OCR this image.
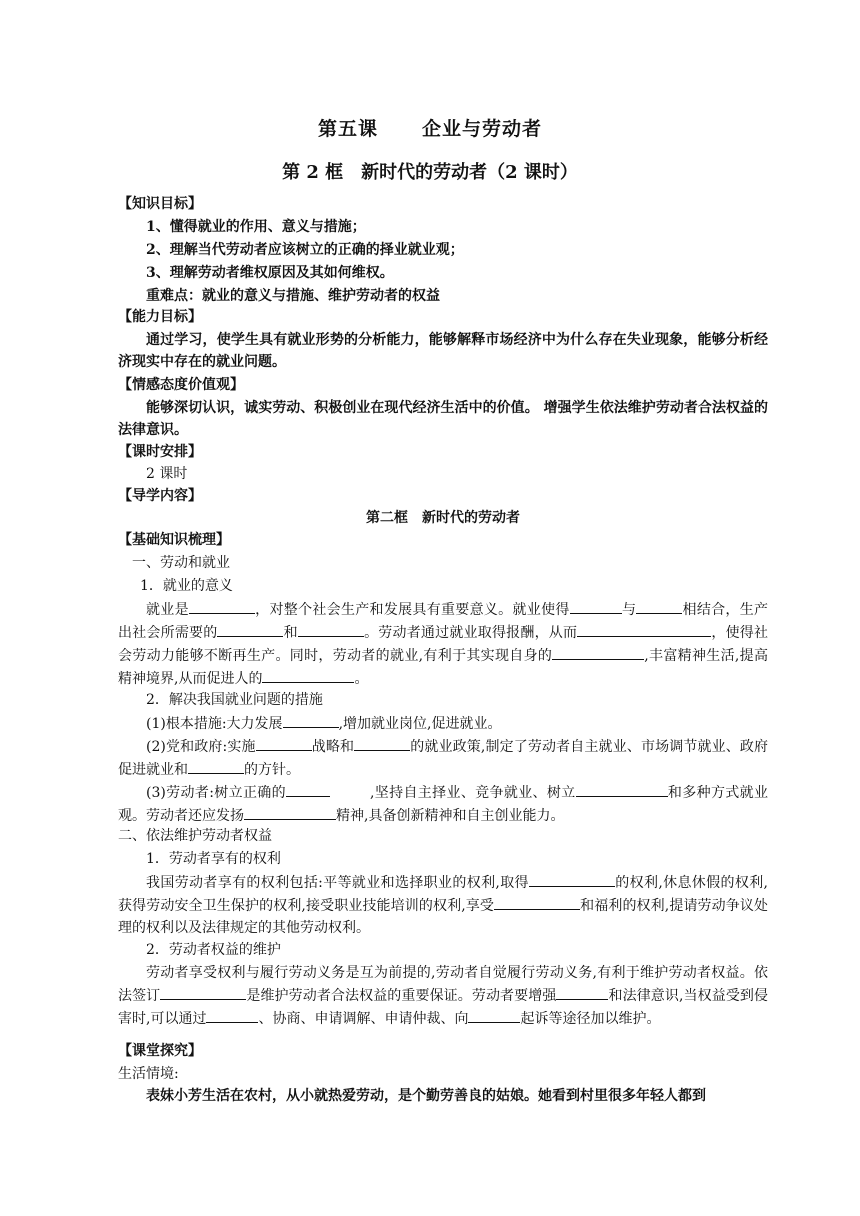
第五课 企业与劳动者
第 2 框　新时代的劳动者（2 课时）
【知识目标】
1、懂得就业的作用、意义与措施；
2、理解当代劳动者应该树立的正确的择业就业观；
3、理解劳动者维权原因及其如何维权。
重难点：就业的意义与措施、维护劳动者的权益
【能力目标】
通过学习，使学生具有就业形势的分析能力，能够解释市场经济中为什么存在失业现象，能够分析经济现实中存在的就业问题。
【情感态度价值观】
能够深切认识，诚实劳动、积极创业在现代经济生活中的价值。 增强学生依法维护劳动者合法权益的法律意识。
【课时安排】
2 课时
【导学内容】
第二框　新时代的劳动者
【基础知识梳理】
一、劳动和就业
1．就业的意义
就业是	，对整个社会生产和发展具有重要意义。就业使得	与	相结合，生产出社会所需要的	和	。劳动者通过就业取得报酬，从而	，使得社会劳动力能够不断再生产。同时，劳动者的就业,有利于其实现自身的	,丰富精神生活,提高精神境界,从而促进人的	。
2．解决我国就业问题的措施
(1)根本措施:大力发展	,增加就业岗位,促进就业。
(2)党和政府:实施	战略和	的就业政策,制定了劳动者自主就业、市场调节就业、政府促进就业和	的方针。
(3)劳动者:树立正确的	,坚持自主择业、竞争就业、树立	和多种方式就业观。劳动者还应发扬	精神,具备创新精神和自主创业能力。
二、依法维护劳动者权益
1．劳动者享有的权利
我国劳动者享有的权利包括:平等就业和选择职业的权利,取得	的权利,休息休假的权利,获得劳动安全卫生保护的权利,接受职业技能培训的权利,享受	和福利的权利,提请劳动争议处理的权利以及法律规定的其他劳动权利。
2．劳动者权益的维护
劳动者享受权利与履行劳动义务是互为前提的,劳动者自觉履行劳动义务,有利于维护劳动者权益。依法签订	是维护劳动者合法权益的重要保证。劳动者要增强	和法律意识,当权益受到侵害时,可以通过	、协商、申请调解、申请仲裁、向	起诉等途径加以维护。
【课堂探究】
生活情境:
表妹小芳生活在农村，从小就热爱劳动，是个勤劳善良的姑娘。她看到村里很多年轻人都到
